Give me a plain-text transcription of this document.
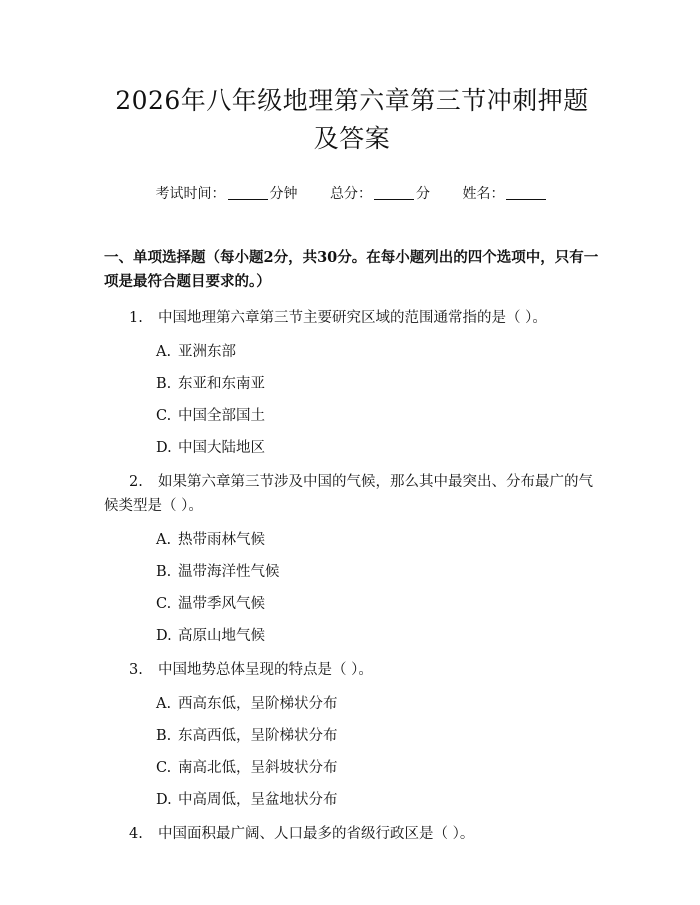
2026年八年级地理第六章第三节冲刺押题及答案
考试时间：	分钟 总分：	分 姓名：
一、单项选择题（每小题2分，共30分。在每小题列出的四个选项中，只有一项是最符合题目要求的。）
1. 中国地理第六章第三节主要研究区域的范围通常指的是（ ）。
A. 亚洲东部
B. 东亚和东南亚
C. 中国全部国土
D. 中国大陆地区
2. 如果第六章第三节涉及中国的气候，那么其中最突出、分布最广的气候类型是（ ）。
A. 热带雨林气候
B. 温带海洋性气候
C. 温带季风气候
D. 高原山地气候
3. 中国地势总体呈现的特点是（ ）。
A. 西高东低，呈阶梯状分布
B. 东高西低，呈阶梯状分布
C. 南高北低，呈斜坡状分布
D. 中高周低，呈盆地状分布
4. 中国面积最广阔、人口最多的省级行政区是（ ）。
